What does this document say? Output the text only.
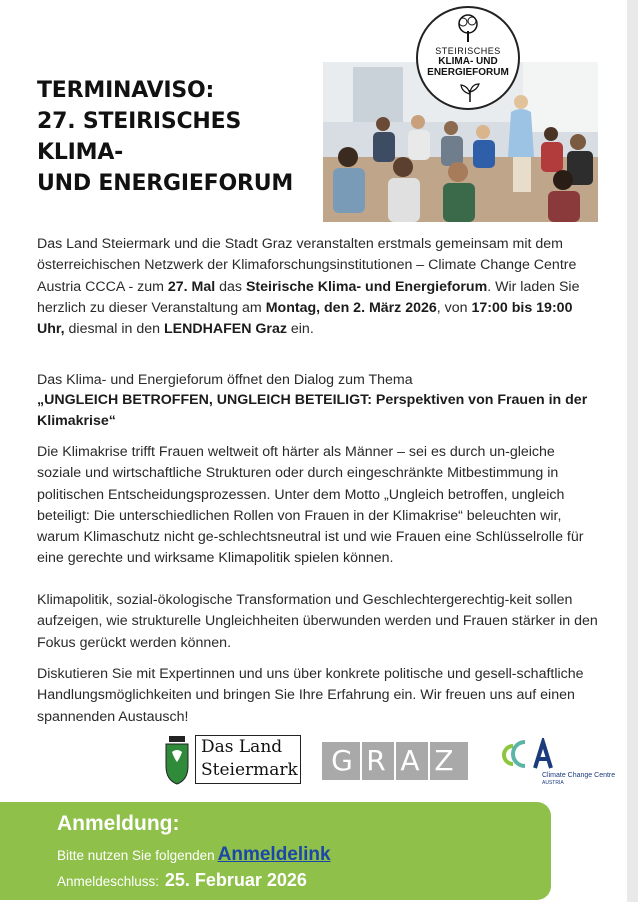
TERMINAVISO:
27. STEIRISCHES
KLIMA-
UND ENERGIEFORUM
STEIRISCHES
KLIMA- UND
ENERGIEFORUM
Das Land Steiermark und die Stadt Graz veranstalten erstmals gemeinsam mit dem österreichischen Netzwerk der Klimaforschungsinstitutionen – Climate Change Centre Austria CCCA - zum 27. Mal das Steirische Klima- und Energieforum. Wir laden Sie herzlich zu dieser Veranstaltung am Montag, den 2. März 2026, von 17:00 bis 19:00 Uhr, diesmal in den LENDHAFEN Graz ein.
Das Klima- und Energieforum öffnet den Dialog zum Thema
„UNGLEICH BETROFFEN, UNGLEICH BETEILIGT: Perspektiven von Frauen in der Klimakrise“
Die Klimakrise trifft Frauen weltweit oft härter als Männer – sei es durch un-gleiche soziale und wirtschaftliche Strukturen oder durch eingeschränkte Mitbestimmung in politischen Entscheidungsprozessen. Unter dem Motto „Ungleich betroffen, ungleich beteiligt: Die unterschiedlichen Rollen von Frauen in der Klimakrise“ beleuchten wir, warum Klimaschutz nicht ge-schlechtsneutral ist und wie Frauen eine Schlüsselrolle für eine gerechte und wirksame Klimapolitik spielen können.
Klimapolitik, sozial-ökologische Transformation und Geschlechtergerechtig-keit sollen aufzeigen, wie strukturelle Ungleichheiten überwunden werden und Frauen stärker in den Fokus gerückt werden können.
Diskutieren Sie mit Expertinnen und uns über konkrete politische und gesell-schaftliche Handlungsmöglichkeiten und bringen Sie Ihre Erfahrung ein. Wir freuen uns auf einen spannenden Austausch!
Das Land
Steiermark	G R A Z	Climate Change Centre
AUSTRIA
Anmeldung:
Bitte nutzen Sie folgenden Anmeldelink
Anmeldeschluss: 25. Februar 2026
